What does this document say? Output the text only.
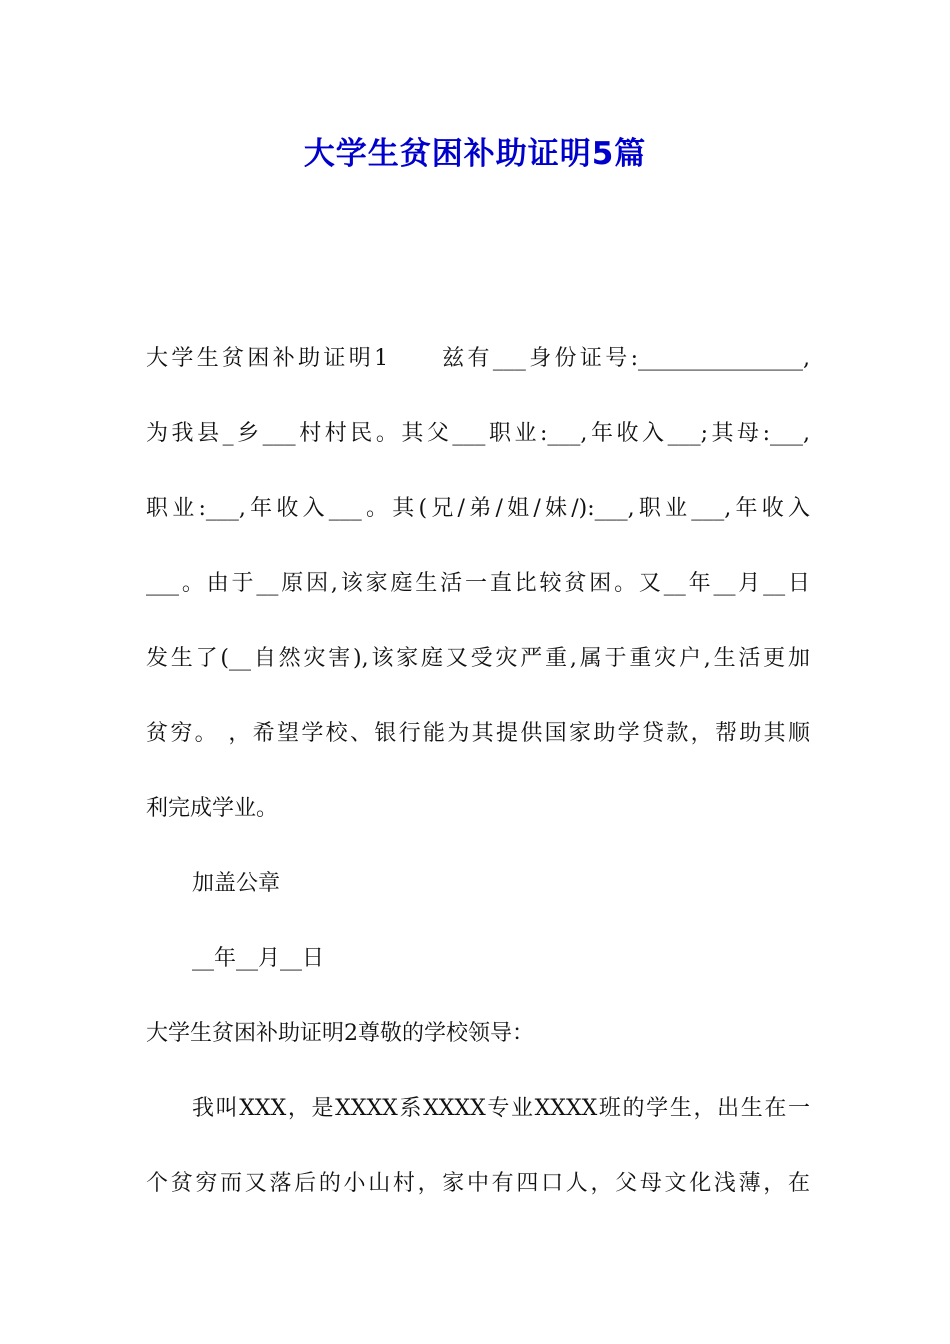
大学生贫困补助证明5篇
大学生贫困补助证明1　　兹有___身份证号:_______________,
为我县_乡___村村民。其父___职业:___,年收入___;其母:___,
职业:___,年收入___。其(兄/弟/姐/妹/):___,职业___,年收入
___。由于__原因,该家庭生活一直比较贫困。又__年__月__日
发生了(__自然灾害),该家庭又受灾严重,属于重灾户,生活更加
贫穷。 ，希望学校、银行能为其提供国家助学贷款，帮助其顺
利完成学业。
加盖公章
__年__月__日
大学生贫困补助证明2尊敬的学校领导：
我叫XXX，是XXXX系XXXX专业XXXX班的学生，出生在一
个贫穷而又落后的小山村，家中有四口人，父母文化浅薄，在
